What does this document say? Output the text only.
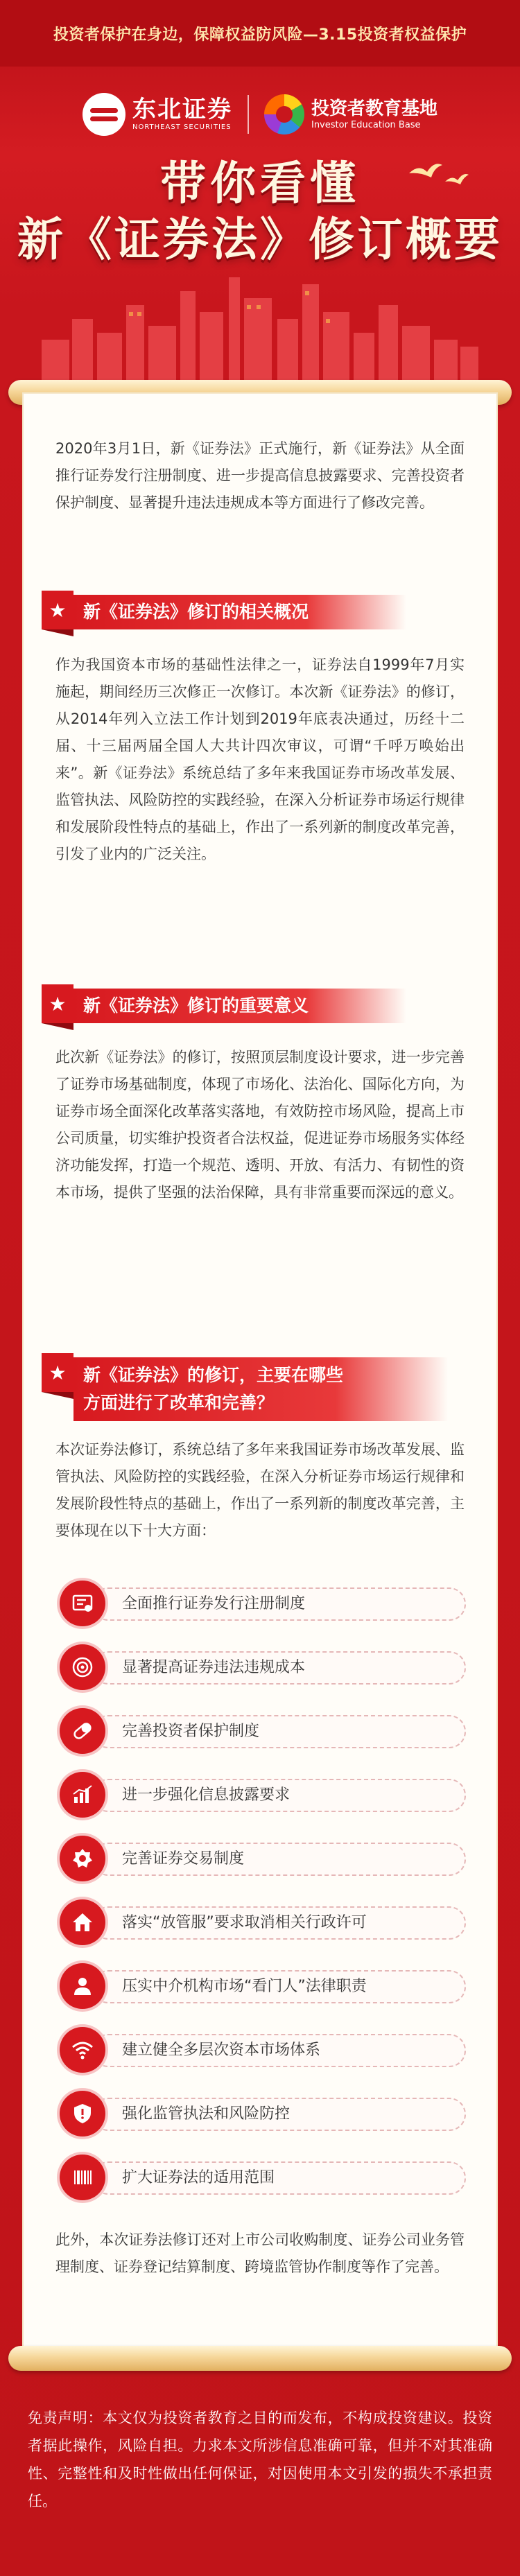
投资者保护在身边，保障权益防风险—3.15投资者权益保护
东北证券
NORTHEAST SECURITIES
投资者教育基地
Investor Education Base
带你看懂
新《证券法》修订概要

2020年3月1日，新《证券法》正式施行，新《证券法》从全面推行证券发行注册制度、进一步提高信息披露要求、完善投资者保护制度、显著提升违法违规成本等方面进行了修改完善。

★ 新《证券法》修订的相关概况

作为我国资本市场的基础性法律之一，证券法自1999年7月实施起，期间经历三次修正一次修订。本次新《证券法》的修订，从2014年列入立法工作计划到2019年底表决通过，历经十二届、十三届两届全国人大共计四次审议，可谓“千呼万唤始出来”。新《证券法》系统总结了多年来我国证券市场改革发展、监管执法、风险防控的实践经验，在深入分析证券市场运行规律和发展阶段性特点的基础上，作出了一系列新的制度改革完善，引发了业内的广泛关注。

★ 新《证券法》修订的重要意义

此次新《证券法》的修订，按照顶层制度设计要求，进一步完善了证券市场基础制度，体现了市场化、法治化、国际化方向，为证券市场全面深化改革落实落地，有效防控市场风险，提高上市公司质量，切实维护投资者合法权益，促进证券市场服务实体经济功能发挥，打造一个规范、透明、开放、有活力、有韧性的资本市场，提供了坚强的法治保障，具有非常重要而深远的意义。

★ 新《证券法》的修订，主要在哪些
方面进行了改革和完善？

本次证券法修订，系统总结了多年来我国证券市场改革发展、监管执法、风险防控的实践经验，在深入分析证券市场运行规律和发展阶段性特点的基础上，作出了一系列新的制度改革完善，主要体现在以下十大方面：

全面推行证券发行注册制度
显著提高证券违法违规成本
完善投资者保护制度
进一步强化信息披露要求
完善证券交易制度
落实“放管服”要求取消相关行政许可
压实中介机构市场“看门人”法律职责
建立健全多层次资本市场体系
强化监管执法和风险防控
扩大证券法的适用范围

此外，本次证券法修订还对上市公司收购制度、证券公司业务管理制度、证券登记结算制度、跨境监管协作制度等作了完善。

免责声明：本文仅为投资者教育之目的而发布，不构成投资建议。投资者据此操作，风险自担。力求本文所涉信息准确可靠，但并不对其准确性、完整性和及时性做出任何保证，对因使用本文引发的损失不承担责任。
